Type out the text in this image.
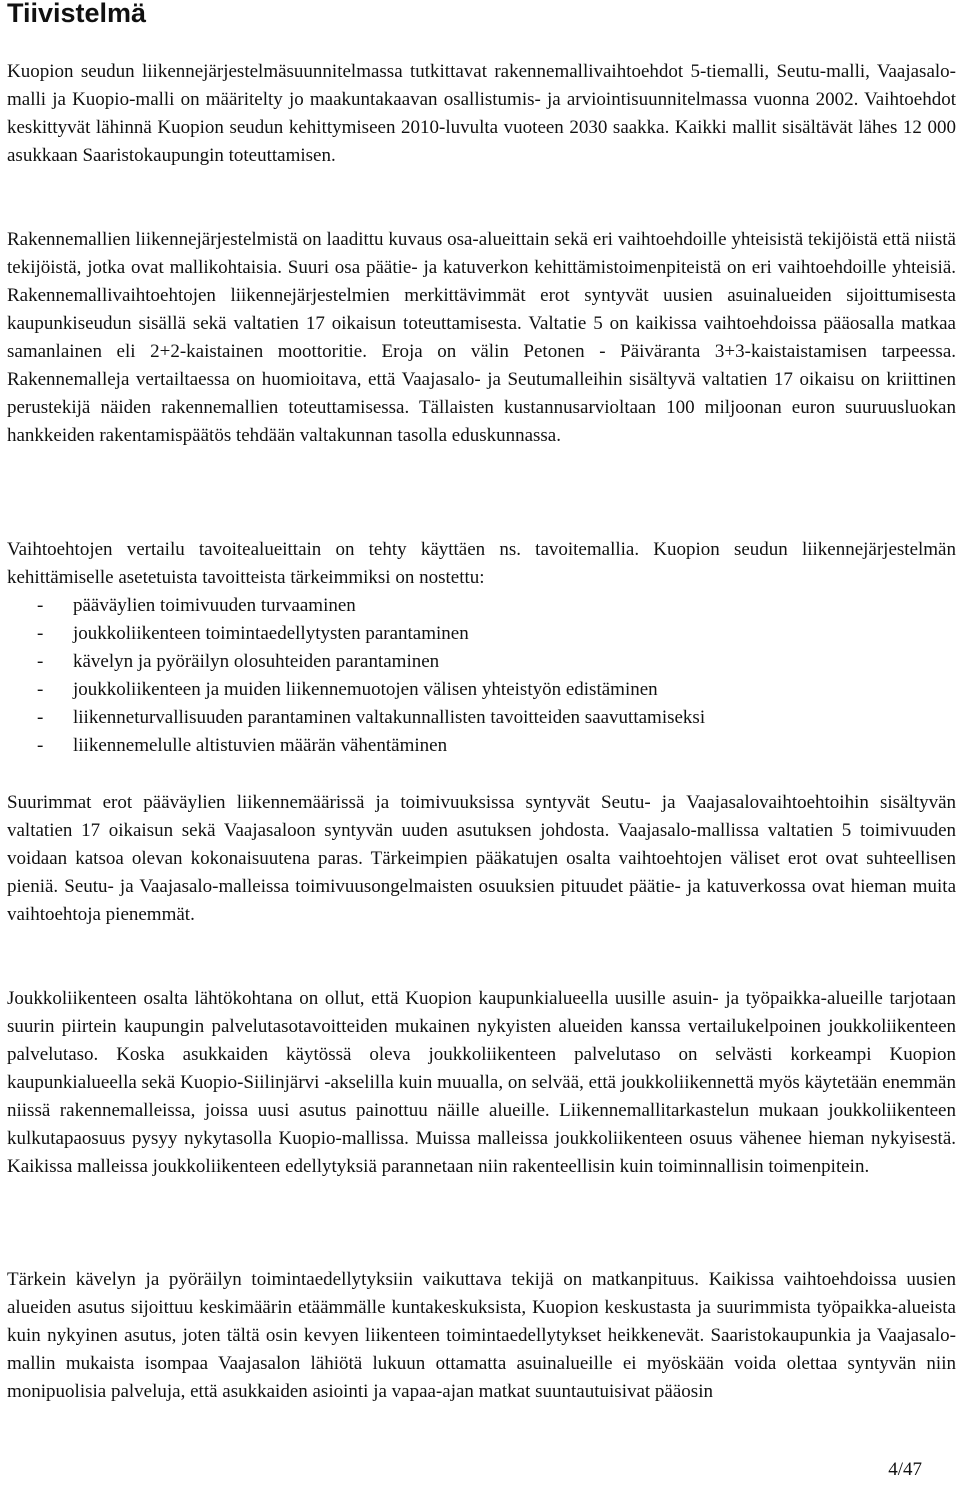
Tiivistelmä

Kuopion seudun liikennejärjestelmäsuunnitelmassa tutkittavat rakennemallivaihtoehdot 5-tiemalli, Seutu-malli, Vaajasalo-malli ja Kuopio-malli on määritelty jo maakuntakaavan osallistumis- ja arviointisuunnitelmassa vuonna 2002. Vaihtoehdot keskittyvät lähinnä Kuopion seudun kehittymiseen 2010-luvulta vuoteen 2030 saakka. Kaikki mallit sisältävät lähes 12 000 asukkaan Saaristokaupungin toteuttamisen.

Rakennemallien liikennejärjestelmistä on laadittu kuvaus osa-alueittain sekä eri vaihtoehdoille yhteisistä tekijöistä että niistä tekijöistä, jotka ovat mallikohtaisia. Suuri osa päätie- ja katuverkon kehittämistoimenpiteistä on eri vaihtoehdoille yhteisiä. Rakennemallivaihtoehtojen liikennejärjestelmien merkittävimmät erot syntyvät uusien asuinalueiden sijoittumisesta kaupunkiseudun sisällä sekä valtatien 17 oikaisun toteuttamisesta. Valtatie 5 on kaikissa vaihtoehdoissa pääosalla matkaa samanlainen eli 2+2-kaistainen moottoritie. Eroja on välin Petonen - Päiväranta 3+3-kaistaistamisen tarpeessa. Rakennemalleja vertailtaessa on huomioitava, että Vaajasalo- ja Seutumalleihin sisältyvä valtatien 17 oikaisu on kriittinen perustekijä näiden rakennemallien toteuttamisessa. Tällaisten kustannusarvioltaan 100 miljoonan euron suuruusluokan hankkeiden rakentamispäätös tehdään valtakunnan tasolla eduskunnassa.

Vaihtoehtojen vertailu tavoitealueittain on tehty käyttäen ns. tavoitemallia. Kuopion seudun liikennejärjestelmän kehittämiselle asetetuista tavoitteista tärkeimmiksi on nostettu:

- pääväylien toimivuuden turvaaminen
- joukkoliikenteen toimintaedellytysten parantaminen
- kävelyn ja pyöräilyn olosuhteiden parantaminen
- joukkoliikenteen ja muiden liikennemuotojen välisen yhteistyön edistäminen
- liikenneturvallisuuden parantaminen valtakunnallisten tavoitteiden saavuttamiseksi
- liikennemelulle altistuvien määrän vähentäminen

Suurimmat erot pääväylien liikennemäärissä ja toimivuuksissa syntyvät Seutu- ja Vaajasalovaihtoehtoihin sisältyvän valtatien 17 oikaisun sekä Vaajasaloon syntyvän uuden asutuksen johdosta. Vaajasalo-mallissa valtatien 5 toimivuuden voidaan katsoa olevan kokonaisuutena paras. Tärkeimpien pääkatujen osalta vaihtoehtojen väliset erot ovat suhteellisen pieniä. Seutu- ja Vaajasalo-malleissa toimivuusongelmaisten osuuksien pituudet päätie- ja katuverkossa ovat hieman muita vaihtoehtoja pienemmät.

Joukkoliikenteen osalta lähtökohtana on ollut, että Kuopion kaupunkialueella uusille asuin- ja työpaikka-alueille tarjotaan suurin piirtein kaupungin palvelutasotavoitteiden mukainen nykyisten alueiden kanssa vertailukelpoinen joukkoliikenteen palvelutaso. Koska asukkaiden käytössä oleva joukkoliikenteen palvelutaso on selvästi korkeampi Kuopion kaupunkialueella sekä Kuopio-Siilinjärvi -akselilla kuin muualla, on selvää, että joukkoliikennettä myös käytetään enemmän niissä rakennemalleissa, joissa uusi asutus painottuu näille alueille. Liikennemallitarkastelun mukaan joukkoliikenteen kulkutapaosuus pysyy nykytasolla Kuopio-mallissa. Muissa malleissa joukkoliikenteen osuus vähenee hieman nykyisestä. Kaikissa malleissa joukkoliikenteen edellytyksiä parannetaan niin rakenteellisin kuin toiminnallisin toimenpitein.

Tärkein kävelyn ja pyöräilyn toimintaedellytyksiin vaikuttava tekijä on matkanpituus. Kaikissa vaihtoehdoissa uusien alueiden asutus sijoittuu keskimäärin etäämmälle kuntakeskuksista, Kuopion keskustasta ja suurimmista työpaikka-alueista kuin nykyinen asutus, joten tältä osin kevyen liikenteen toimintaedellytykset heikkenevät. Saaristokaupunkia ja Vaajasalo-mallin mukaista isompaa Vaajasalon lähiötä lukuun ottamatta asuinalueille ei myöskään voida olettaa syntyvän niin monipuolisia palveluja, että asukkaiden asiointi ja vapaa-ajan matkat suuntautuisivat pääosin

4/47
